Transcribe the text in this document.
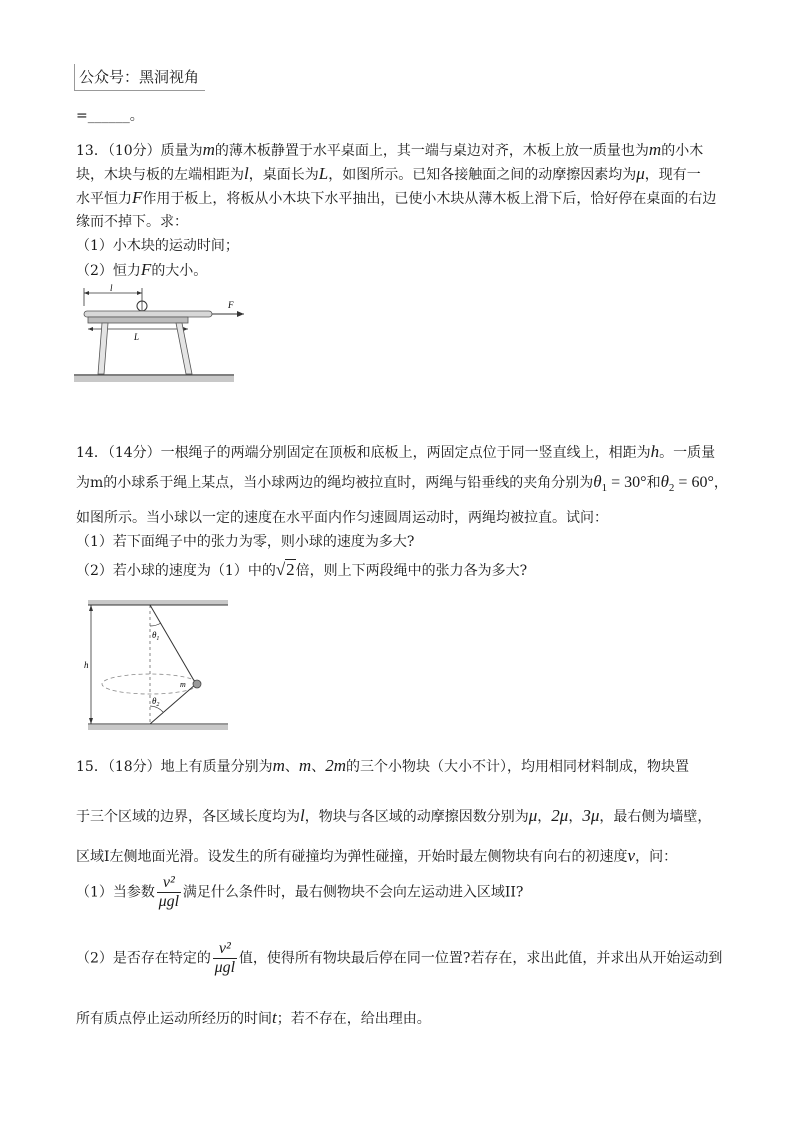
公众号：黑洞视角
=______。
13．（10分）质量为m的薄木板静置于水平桌面上，其一端与桌边对齐，木板上放一质量也为m的小木
块，木块与板的左端相距为l，桌面长为L，如图所示。已知各接触面之间的动摩擦因素均为μ，现有一
水平恒力F作用于板上，将板从小木块下水平抽出，已使小木块从薄木板上滑下后，恰好停在桌面的右边
缘而不掉下。求：
（1）小木块的运动时间；
（2）恒力F的大小。
l
F
L
14．（14分）一根绳子的两端分别固定在顶板和底板上，两固定点位于同一竖直线上，相距为h。一质量
为m的小球系于绳上某点，当小球两边的绳均被拉直时，两绳与铅垂线的夹角分别为$\theta_1 = 30^\circ$和$\theta_2 = 60^\circ$，
如图所示。当小球以一定的速度在水平面内作匀速圆周运动时，两绳均被拉直。试问：
（1）若下面绳子中的张力为零，则小球的速度为多大?
（2）若小球的速度为（1）中的√2倍，则上下两段绳中的张力各为多大?
h
m
$\theta_1$
$\theta_2$
15．（18分）地上有质量分别为m、m、2m的三个小物块（大小不计），均用相同材料制成，物块置
于三个区域的边界，各区域长度均为l，物块与各区域的动摩擦因数分别为μ，2μ，3μ，最右侧为墙壁，
区域Ⅰ左侧地面光滑。设发生的所有碰撞均为弹性碰撞，开始时最左侧物块有向右的初速度v，问：
（1）当参数 $\frac{\text{v²}}{\text{μgl}}$ 满足什么条件时，最右侧物块不会向左运动进入区域II?
（2）是否存在特定的 $\frac{\text{v²}}{\text{μgl}}$ 值，使得所有物块最后停在同一位置?若存在，求出此值，并求出从开始运动到
所有质点停止运动所经历的时间t；若不存在，给出理由。
